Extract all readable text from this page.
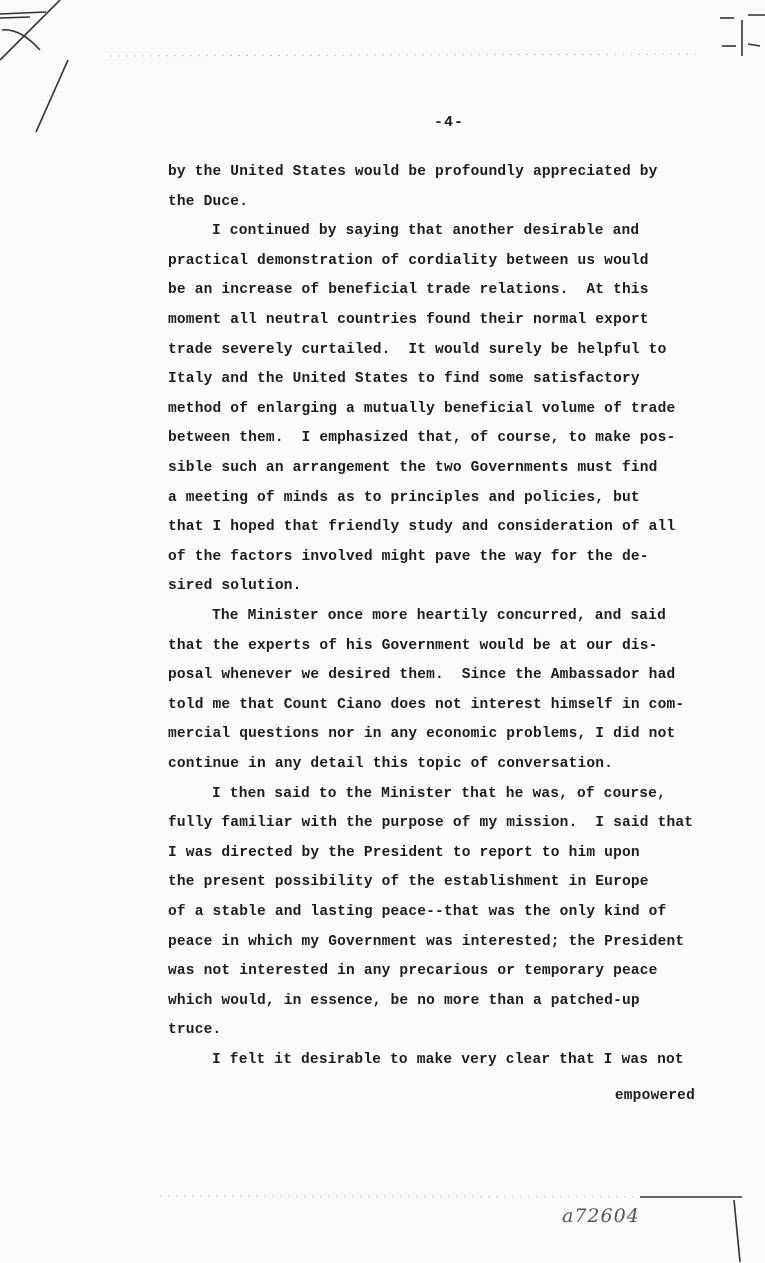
-4-

by the United States would be profoundly appreciated by

the Duce.

I continued by saying that another desirable and

practical demonstration of cordiality between us would

be an increase of beneficial trade relations.  At this

moment all neutral countries found their normal export

trade severely curtailed.  It would surely be helpful to

Italy and the United States to find some satisfactory

method of enlarging a mutually beneficial volume of trade

between them.  I emphasized that, of course, to make pos-

sible such an arrangement the two Governments must find

a meeting of minds as to principles and policies, but

that I hoped that friendly study and consideration of all

of the factors involved might pave the way for the de-

sired solution.

The Minister once more heartily concurred, and said

that the experts of his Government would be at our dis-

posal whenever we desired them.  Since the Ambassador had

told me that Count Ciano does not interest himself in com-

mercial questions nor in any economic problems, I did not

continue in any detail this topic of conversation.

I then said to the Minister that he was, of course,

fully familiar with the purpose of my mission.  I said that

I was directed by the President to report to him upon

the present possibility of the establishment in Europe

of a stable and lasting peace--that was the only kind of

peace in which my Government was interested; the President

was not interested in any precarious or temporary peace

which would, in essence, be no more than a patched-up

truce.

I felt it desirable to make very clear that I was not

empowered
a72604
